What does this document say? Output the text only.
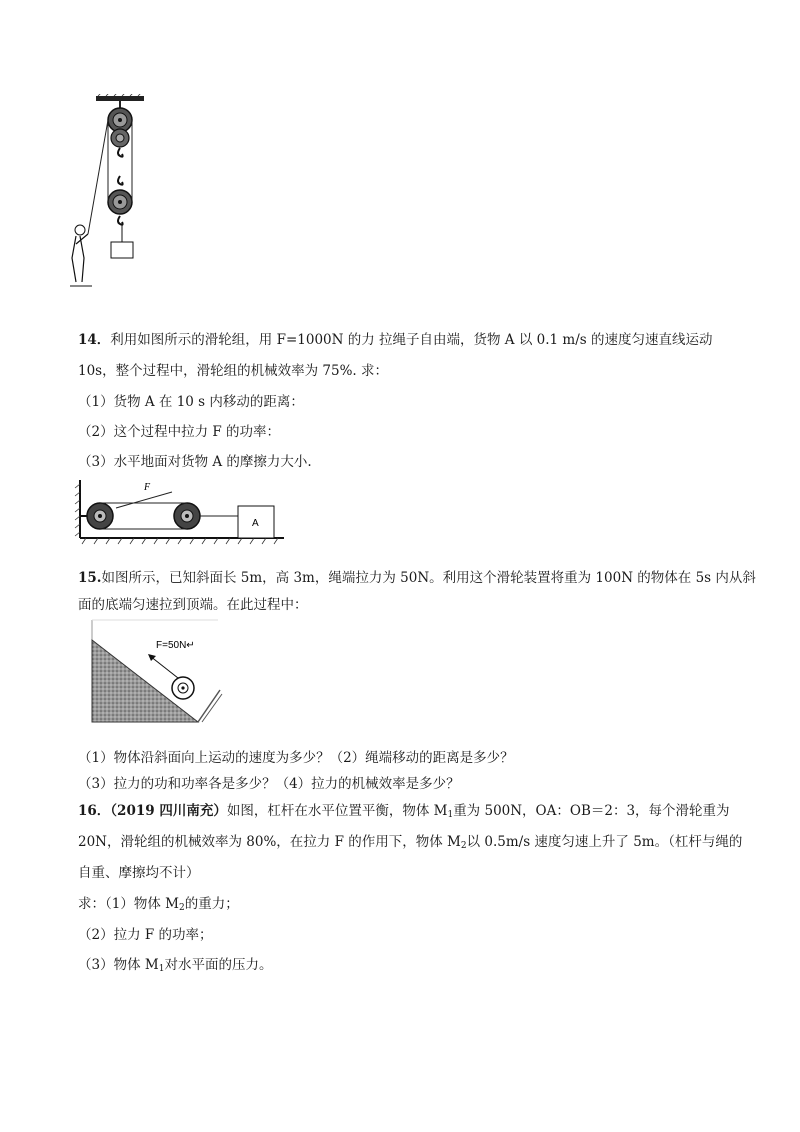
14．利用如图所示的滑轮组，用 F=1000N 的力 拉绳子自由端，货物 A 以 0.1 m/s 的速度匀速直线运动
10s，整个过程中，滑轮组的机械效率为 75%. 求：
（1）货物 A 在 10 s 内移动的距离：
（2）这个过程中拉力 F 的功率：
（3）水平地面对货物 A 的摩擦力大小.
A
F
15.如图所示，已知斜面长 5m，高 3m，绳端拉力为 50N。利用这个滑轮装置将重为 100N 的物体在 5s 内从斜
面的底端匀速拉到顶端。在此过程中：
F=50N↵
（1）物体沿斜面向上运动的速度为多少？（2）绳端移动的距离是多少？
（3）拉力的功和功率各是多少？（4）拉力的机械效率是多少？
16．（2019 四川南充）如图，杠杆在水平位置平衡，物体 $M_1$重为 500N，OA：OB＝2：3，每个滑轮重为
20N，滑轮组的机械效率为 80%，在拉力 F 的作用下，物体 $M_2$以 0.5m/s 速度匀速上升了 5m。（杠杆与绳的
自重、摩擦均不计）
求：（1）物体 $M_2$的重力；
（2）拉力 F 的功率；
（3）物体 $M_1$对水平面的压力。
